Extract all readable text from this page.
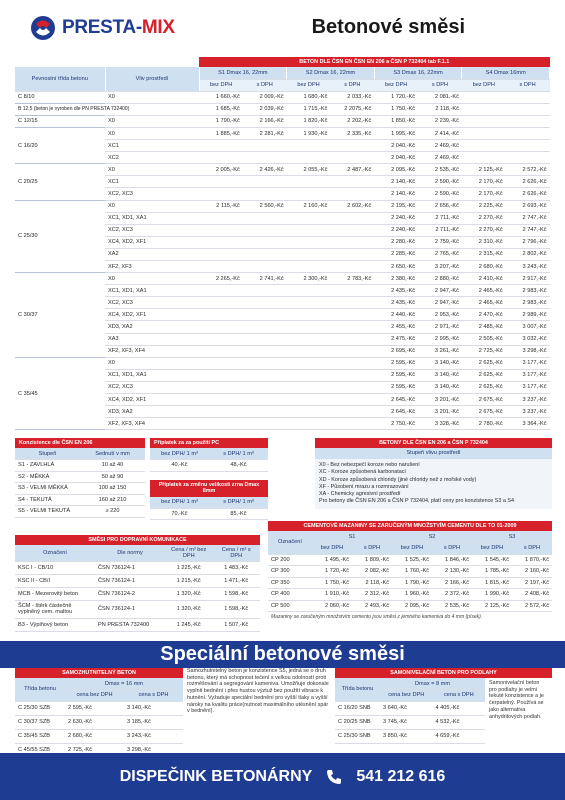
PRESTA-MIX	Betonové směsi
		BETON DLE ČSN EN ČSN EN 206 a ČSN P 732404 tab F.1.1							
Pevnostní třída betonu	Vliv prostředí	S1 Dmax 16, 22mm		S2 Dmax 16, 22mm		S3 Dmax 16, 22mm		S4 Dmax 16mm	
		bez DPH	s DPH	bez DPH	s DPH	bez DPH	s DPH	bez DPH	s DPH
C 8/10	X0	1 660,-Kč	2 009,-Kč	1 680,-Kč	2 033,-Kč	1 720,-Kč	2 081,-Kč		
B 12,5 (beton je vyroben dle PN PRESTA 732400)		1 685,-Kč	2 039,-Kč	1 715,-Kč	2 2075,-Kč	1 750,-Kč	2 118,-Kč		
C 12/15	X0	1 790,-Kč	2 166,-Kč	1 820,-Kč	2 202,-Kč	1 850,-Kč	2 239,-Kč		
C 16/20	X0	1 885,-Kč	2 281,-Kč	1 930,-Kč	2 335,-Kč	1 995,-Kč	2 414,-Kč		
	XC1					2 040,-Kč	2 469,-Kč		
	XC2					2 040,-Kč	2 469,-Kč		
C 20/25	X0	2 005,-Kč	2 426,-Kč	2 055,-Kč	2 487,-Kč	2 095,-Kč	2 535,-Kč	2 125,-Kč	2 572,-Kč
	XC1					2 140,-Kč	2 590,-Kč	2 170,-Kč	2 626,-Kč
	XC2, XC3					2 140,-Kč	2 590,-Kč	2 170,-Kč	2 626,-Kč
C 25/30	X0	2 115,-Kč	2 560,-Kč	2 160,-Kč	2 602,-Kč	2 195,-Kč	2 656,-Kč	2 225,-Kč	2 693,-Kč
	XC1, XD1, XA1					2 240,-Kč	2 711,-Kč	2 270,-Kč	2 747,-Kč
	XC2, XC3					2 240,-Kč	2 711,-Kč	2 270,-Kč	2 747,-Kč
	XC4, XD2, XF1					2 280,-Kč	2 759,-Kč	2 310,-Kč	2 796,-Kč
	XA2					2 285,-Kč	2 765,-Kč	2 315,-Kč	2 802,-Kč
	XF2, XF3					2 650,-Kč	3 207,-Kč	2 680,-Kč	3 243,-Kč
C 30/37	X0	2 265,-Kč	2 741,-Kč	2 300,-Kč	2 783,-Kč	2 380,-Kč	2 880,-Kč	2 410,-Kč	2 917,-Kč
	XC1, XD1, XA1					2 435,-Kč	2 947,-Kč	2 465,-Kč	2 983,-Kč
	XC2, XC3					2 435,-Kč	2 947,-Kč	2 465,-Kč	2 983,-Kč
	XC4, XD2, XF1					2 440,-Kč	2 953,-Kč	2 470,-Kč	2 989,-Kč
	XD3, XA2					2 455,-Kč	2 971,-Kč	2 485,-Kč	3 007,-Kč
	XA3					2 475,-Kč	2 995,-Kč	2 505,-Kč	3 032,-Kč
	XF2, XF3, XF4					2 695,-Kč	3 261,-Kč	2 725,-Kč	3 298,-Kč
C 35/45	X0					2 595,-Kč	3 140,-Kč	2 625,-Kč	3 177,-Kč
	XC1, XD1, XA1					2 595,-Kč	3 140,-Kč	2 625,-Kč	3 177,-Kč
	XC2, XC3					2 595,-Kč	3 140,-Kč	2 625,-Kč	3 177,-Kč
	XC4, XD2, XF1					2 645,-Kč	3 201,-Kč	2 675,-Kč	3 237,-Kč
	XD3, XA2					2 645,-Kč	3 201,-Kč	2 675,-Kč	3 237,-Kč
	XF2, XF3, XF4					2 750,-Kč	3 328,-Kč	2 780,-Kč	3 364,-Kč
Konzistence dle ČSN EN 206
Stupeň	Sednutí v mm
S1 - ZAVLHLÁ	10 až 40
S2 - MĚKKÁ	50 až 90
S3 - VELMI MĚKKÁ	100 až 150
S4 - TEKUTÁ	160 až 210
S5 - VELMI TEKUTÁ	≥ 220
Příplatek za za použití PC
bez DPH/ 1 m³	s DPH/ 1 m³
40,-Kč	48,-Kč
Příplatek za změnu velikosti zrna Dmax 8mm
bez DPH/ 1 m³	s DPH/ 1 m³
70,-Kč	85,-Kč
BETONY DLE ČSN EN 206 a ČSN P 732404
Stupeň vlivu prostředí
X0 - Bez nebezpečí koroze nebo narušení
XC - Koroze způsobená karbonatací
XD - Koroze způsobená chloridy (jiné chloridy než z mořské vody)
XF - Působení mrazu a rozmrazování
XA - Chemicky agresivní prostředí
Pro betony dle ČSN EN 206 a ČSN P 732404, platí ceny pro konzistence S3 a S4
SMĚSI PRO DOPRAVNÍ KOMUNIKACE
Označení	Dle normy	Cena / m³ bez DPH	Cena / m³ s DPH
KSC I - CB/10	ČSN 736124-1	1 225,-Kč	1 483,-Kč
KSC II - CB/I	ČSN 736124-1	1 215,-Kč	1 471,-Kč
MCB - Mezerovitý beton	ČSN 736124-2	1 320,-Kč	1 598,-Kč
ŠCM - štěrk částečně vyplněný cem. maltou	ČSN 736124-1	1 320,-Kč	1 598,-Kč
B3 - Výplňový beton	PN PRESTA 732400	1 245,-Kč	1 507,-Kč
CEMENTOVÉ MAZANINY SE ZARUČENÝM MNOŽSTVÍM CEMENTU DLE TO 01-2009
Označení	S1		S2		S3	
	bez DPH	s DPH	bez DPH	s DPH	bez DPH	s DPH
CP 200	1 495,-Kč	1 809,-Kč	1 525,-Kč	1 846,-Kč	1 545,-Kč	1 870,-Kč
CP 300	1 720,-Kč	2 082,-Kč	1 760,-Kč	2 130,-Kč	1 785,-Kč	2 160,-Kč
CP 350	1 750,-Kč	2 118,-Kč	1 790,-Kč	2 166,-Kč	1 815,-Kč	2 197,-Kč
CP 400	1 910,-Kč	2 312,-Kč	1 960,-Kč	2 372,-Kč	1 990,-Kč	2 408,-Kč
CP 500	2 060,-Kč	2 493,-Kč	2 095,-Kč	2 535,-Kč	2 125,-Kč	2 572,-Kč
Mazaniny se zaručeným množstvím cementu jsou směsi z jemného kameniva do 4 mm (písek).
Speciální betonové směsi
SAMOZHUTNITELNÝ BETON
Třída betonu	Dmax = 16 mm	
	cena bez DPH	cena s DPH
C 25/30 SZB	2 595,-Kč	3 140,-Kč
C 30/37 SZB	2 630,-Kč	3 185,-Kč
C 35/45 SZB	2 680,-Kč	3 243,-Kč
C 45/55 SZB	2 725,-Kč	3 298,-Kč
Samozhutnitelný beton je konzistence S5, jedná se o druh betonu, který má schopnost tečení s velkou odolností proti rozměšování a segregování kameniva. Umožňuje dokonale vyplnit bednění i přes hustou výztuž bez použití vibrace k hutnění. Vyžaduje speciální bednění pro vyšší tlaky a vyšší nároky na kvalitu práce(nutnost maximálního utěsnění spár v bednění).
SAMONIVELAČNÍ BETON PRO PODLAHY
Třída betonu	Dmax = 8 mm	
	cena bez DPH	cena s DPH
C 16/20 SNB	3 640,-Kč	4 405,-Kč
C 20/25 SNB	3 745,-Kč	4 532,-Kč
C 25/30 SNB	3 850,-Kč	4 659,-Kč
Samonivelační beton pro podlahy je velmi tekuté konzistence a je čerpatelný. Používá se jako alternativa anhydritových podlah.
DISPEČINK BETONÁRNY	541 212 616
